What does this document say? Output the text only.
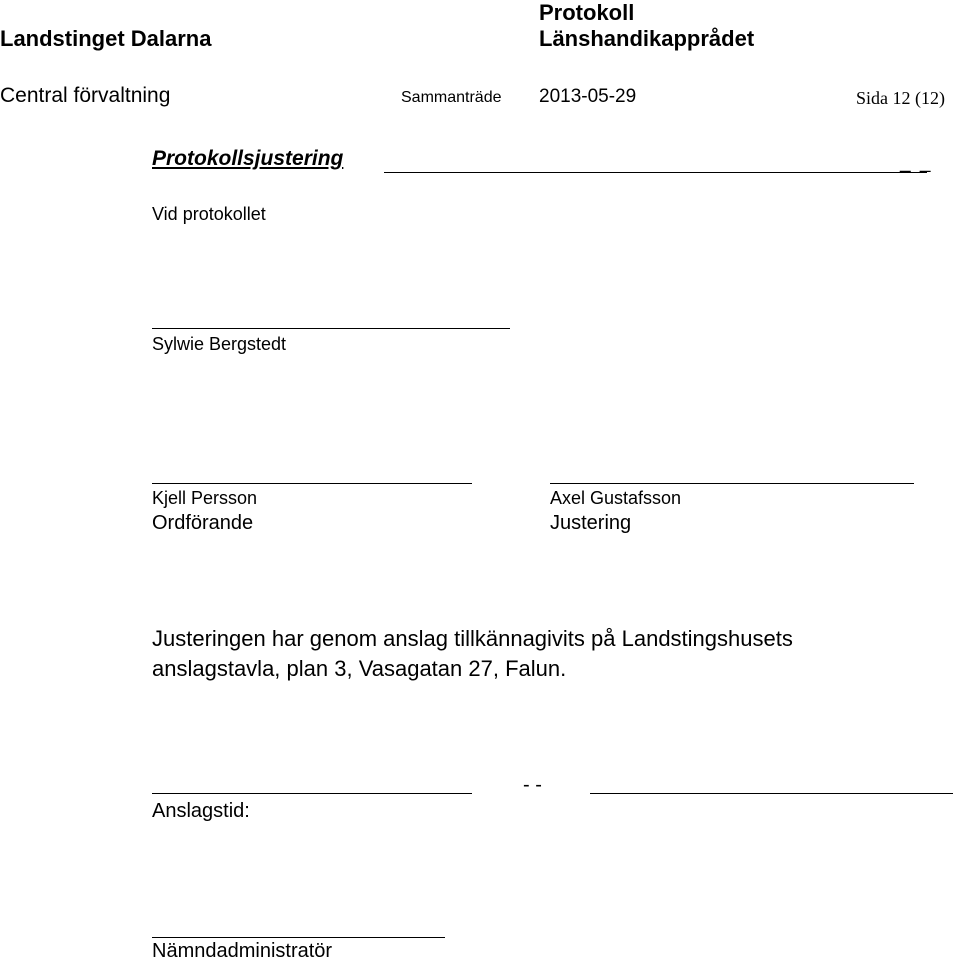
Landstinget Dalarna
Protokoll
Länshandikapprådet
Central förvaltning	Sammanträde 2013-05-29	Sida 12 (12)
Protokollsjustering	_ _
Vid protokollet
Sylwie Bergstedt
Kjell Persson
Ordförande
Axel Gustafsson
Justering
Justeringen har genom anslag tillkännagivits på Landstingshusets
anslagstavla, plan 3, Vasagatan 27, Falun.
- -
Anslagstid:
Nämndadministratör
